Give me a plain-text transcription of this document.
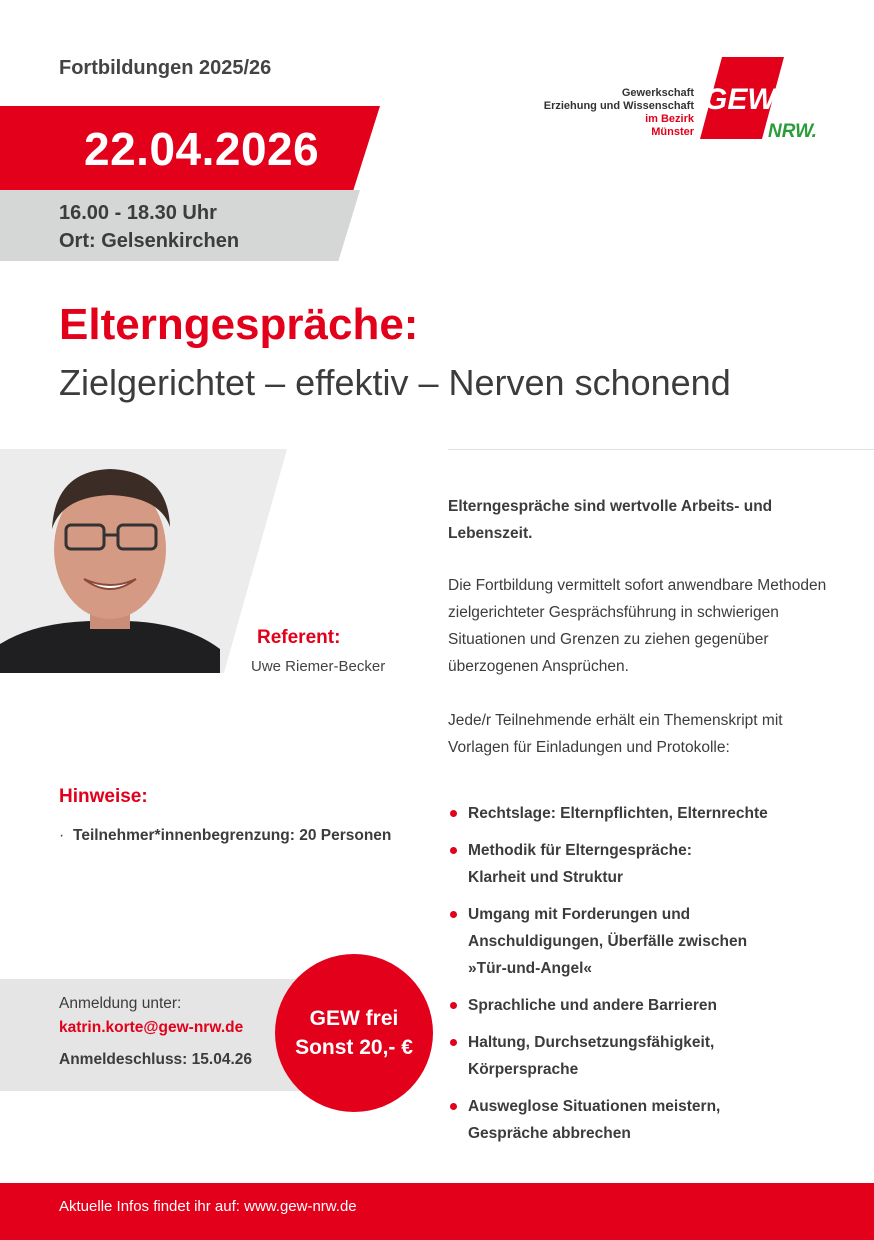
Fortbildungen 2025/26
Gewerkschaft
Erziehung und Wissenschaft
im Bezirk
Münster
GEW
NRW.
22.04.2026
16.00 - 18.30 Uhr
Ort: Gelsenkirchen
Elterngespräche:
Zielgerichtet – effektiv – Nerven schonend
Referent:
Uwe Riemer-Becker
Elterngespräche sind wertvolle Arbeits- und Lebenszeit.
Die Fortbildung vermittelt sofort anwendbare Methoden zielgerichteter Gesprächsführung in schwierigen Situationen und Grenzen zu ziehen gegenüber überzogenen Ansprüchen.
Jede/r Teilnehmende erhält ein Themenskript mit Vorlagen für Einladungen und Protokolle:
Rechtslage: Elternpflichten, Elternrechte
Methodik für Elterngespräche: Klarheit und Struktur
Umgang mit Forderungen und Anschuldigungen, Überfälle zwischen »Tür-und-Angel«
Sprachliche und andere Barrieren
Haltung, Durchsetzungsfähigkeit, Körpersprache
Ausweglose Situationen meistern, Gespräche abbrechen
Hinweise:
· Teilnehmer*innenbegrenzung: 20 Personen
Anmeldung unter:
katrin.korte@gew-nrw.de
Anmeldeschluss: 15.04.26
GEW frei
Sonst 20,- €
Aktuelle Infos findet ihr auf: www.gew-nrw.de
